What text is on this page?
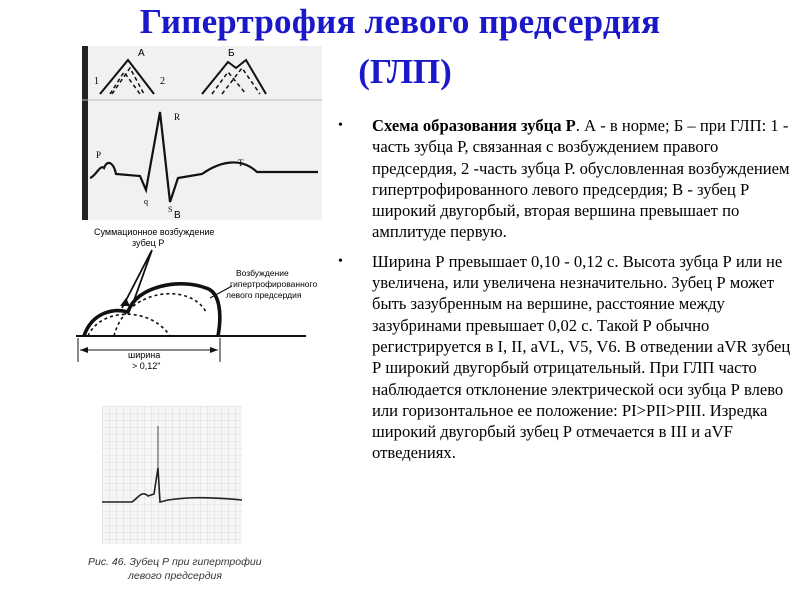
Гипертрофия левого предсердия
(ГЛП)
А
1	2
Б
R
P
T
q
S
В
Суммационное возбуждение
зубец P
Возбуждение
гипертрофированного
левого предсердия
ширина
> 0,12"
Рис. 46. Зубец Р при гипертрофии
левого предсердия
• Схема образования зубца Р. А - в норме; Б – при ГЛП: 1 - часть зубца Р, связанная с возбуждением правого предсердия, 2 -часть зубца Р. обусловленная возбуждением гипертрофированного левого предсердия; В - зубец Р широкий двугорбый, вторая вершина превышает по амплитуде первую.
• Ширина Р превышает 0,10 - 0,12 с. Высота зубца Р или не увеличена, или увеличена незначительно. Зубец Р может быть зазубренным на вершине, расстояние между зазубринами превышает 0,02 с. Такой Р обычно регистрируется в I, II, aVL, V5, V6. В отведении aVR зубец Р широкий двугорбый отрицательный. При ГЛП часто наблюдается отклонение электрической оси зубца Р влево или горизонтальное ее положение: PI>PII>PIII. Изредка широкий двугорбый зубец Р отмечается в III и aVF отведениях.
